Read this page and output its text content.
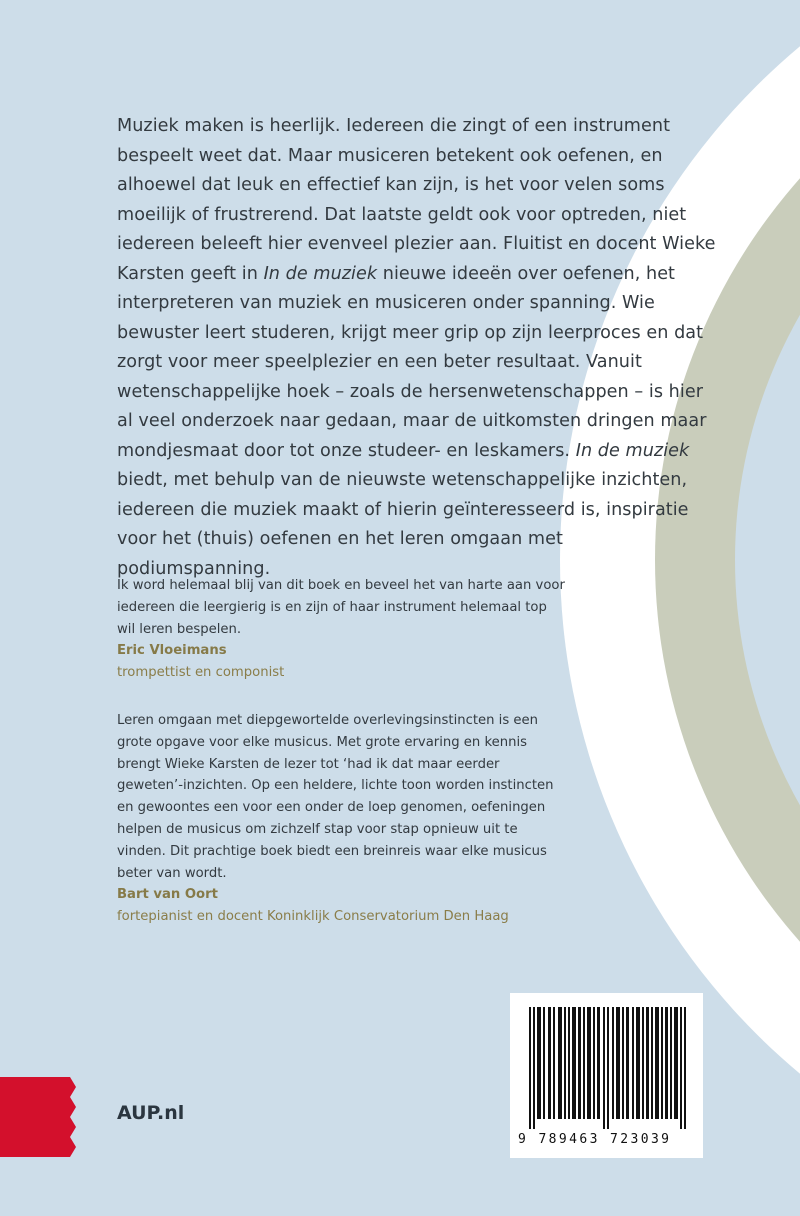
Muziek maken is heerlijk. Iedereen die zingt of een instrument bespeelt weet dat. Maar musiceren betekent ook oefenen, en alhoewel dat leuk en effectief kan zijn, is het voor velen soms moeilijk of frustrerend. Dat laatste geldt ook voor optreden, niet iedereen beleeft hier evenveel plezier aan. Fluitist en docent Wieke Karsten geeft in In de muziek nieuwe ideeën over oefenen, het interpreteren van muziek en musiceren onder spanning. Wie bewuster leert studeren, krijgt meer grip op zijn leerproces en dat zorgt voor meer speelplezier en een beter resultaat. Vanuit wetenschappelijke hoek – zoals de hersenwetenschappen – is hier al veel onderzoek naar gedaan, maar de uitkomsten dringen maar mondjesmaat door tot onze studeer- en leskamers. In de muziek biedt, met behulp van de nieuwste wetenschappelijke inzichten, iedereen die muziek maakt of hierin geïnteresseerd is, inspiratie voor het (thuis) oefenen en het leren omgaan met podiumspanning.

Ik word helemaal blij van dit boek en beveel het van harte aan voor iedereen die leergierig is en zijn of haar instrument helemaal top wil leren bespelen.

Eric Vloeimans
trompettist en componist

Leren omgaan met diepgewortelde overlevingsinstincten is een grote opgave voor elke musicus. Met grote ervaring en kennis brengt Wieke Karsten de lezer tot ‘had ik dat maar eerder geweten’-inzichten. Op een heldere, lichte toon worden instincten en gewoontes een voor een onder de loep genomen, oefeningen helpen de musicus om zichzelf stap voor stap opnieuw uit te vinden. Dit prachtige boek biedt een breinreis waar elke musicus beter van wordt.

Bart van Oort
fortepianist en docent Koninklijk Conservatorium Den Haag
AUP.nl
9 789463 723039
